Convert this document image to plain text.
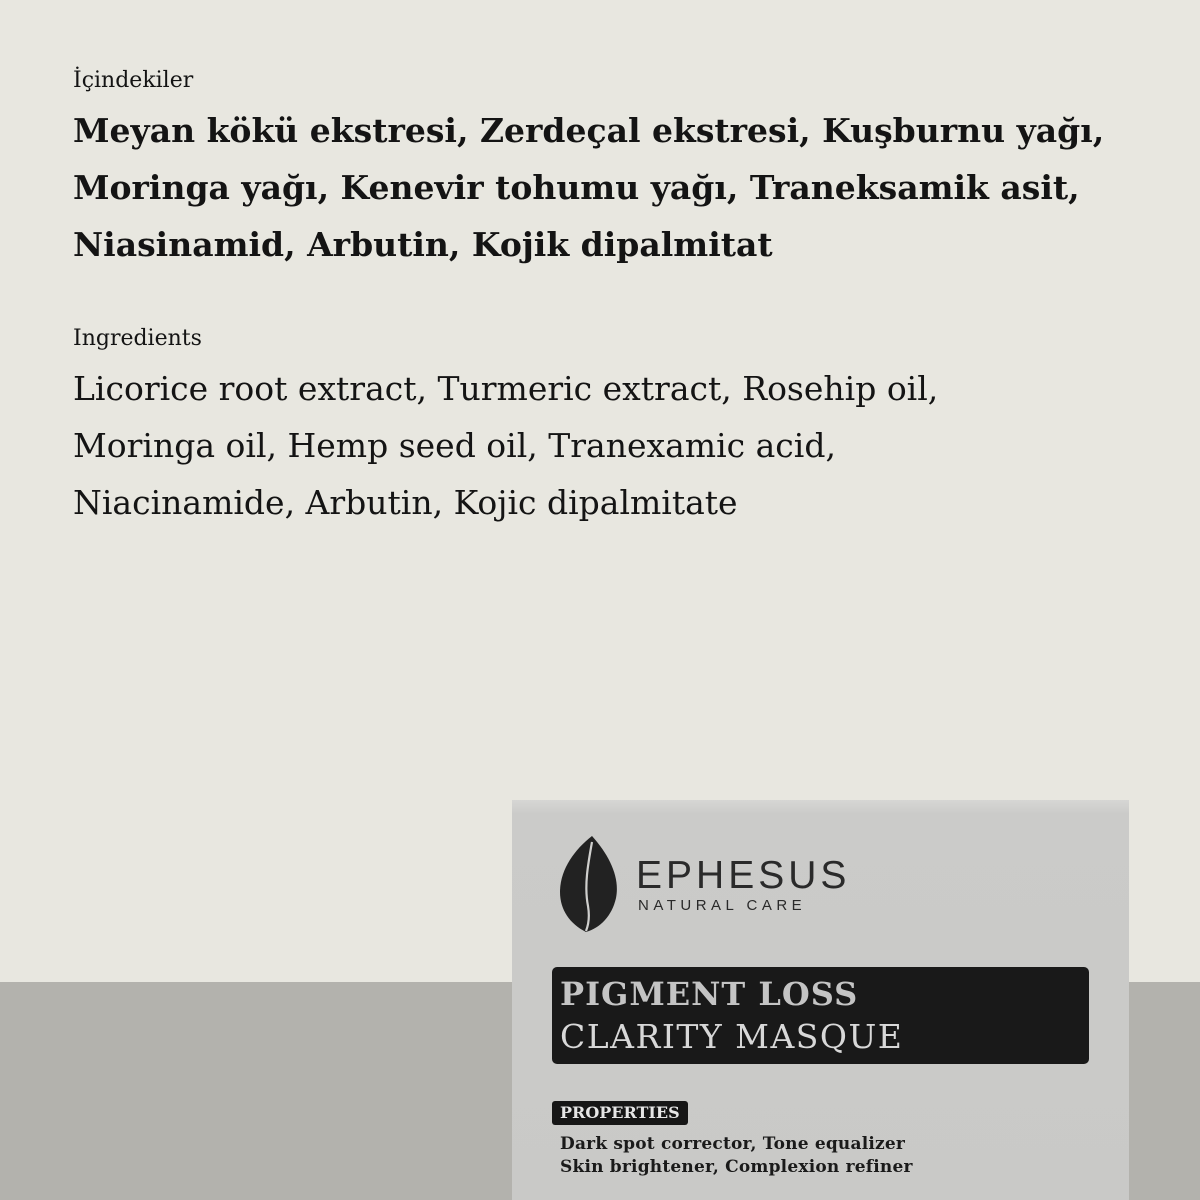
İçindekiler
Meyan kökü ekstresi, Zerdeçal ekstresi, Kuşburnu yağı,
Moringa yağı, Kenevir tohumu yağı, Traneksamik asit,
Niasinamid, Arbutin, Kojik dipalmitat
Ingredients
Licorice root extract, Turmeric extract, Rosehip oil,
Moringa oil, Hemp seed oil, Tranexamic acid,
Niacinamide, Arbutin, Kojic dipalmitate
EPHESUS
NATURAL CARE
PIGMENT LOSS
CLARITY MASQUE
PROPERTIES
Dark spot corrector, Tone equalizer
Skin brightener, Complexion refiner
